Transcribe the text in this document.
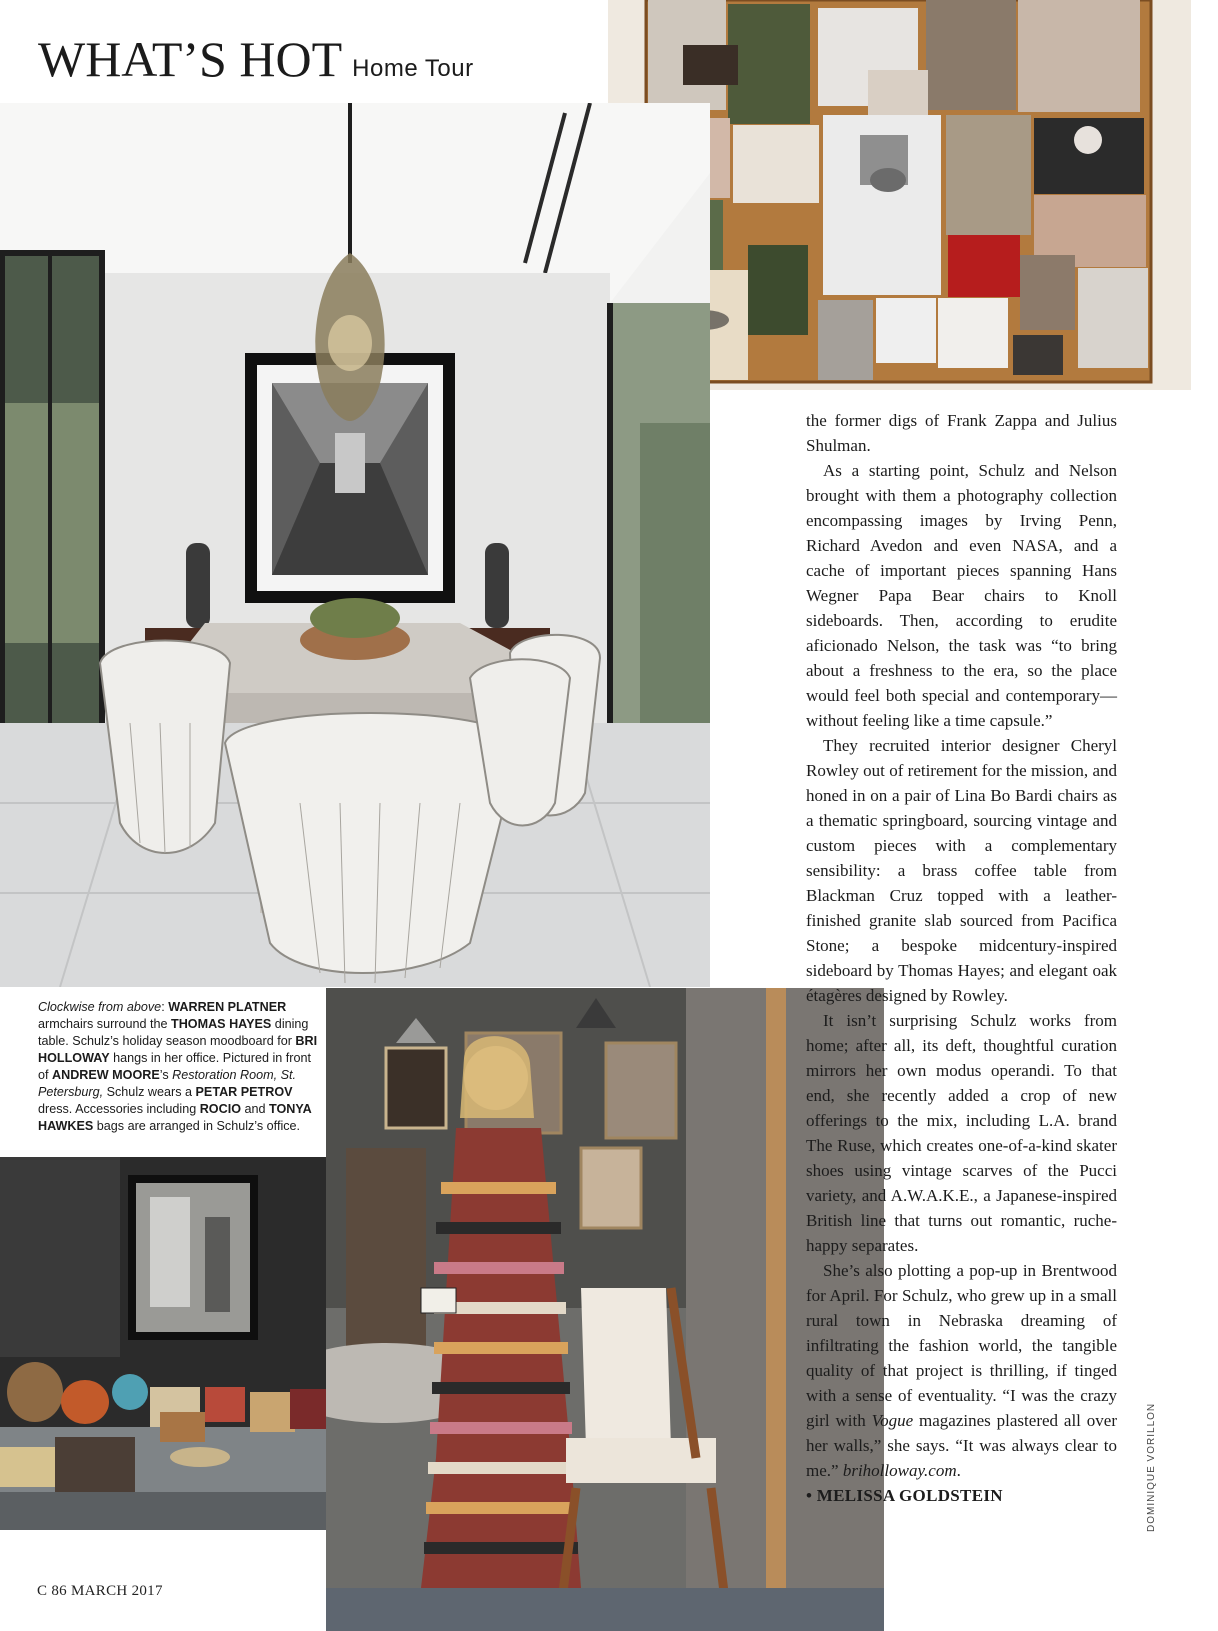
WHAT’S HOT Home Tour
Clockwise from above: WARREN PLATNER armchairs surround the THOMAS HAYES dining table. Schulz’s holiday season moodboard for BRI HOLLOWAY hangs in her office. Pictured in front of ANDREW MOORE’s Restoration Room, St. Petersburg, Schulz wears a PETAR PETROV dress. Accessories including ROCIO and TONYA HAWKES bags are arranged in Schulz’s office.

the former digs of Frank Zappa and Julius Shulman.

As a starting point, Schulz and Nelson brought with them a photography collection encompassing images by Irving Penn, Richard Avedon and even NASA, and a cache of important pieces spanning Hans Wegner Papa Bear chairs to Knoll sideboards. Then, according to erudite aficionado Nelson, the task was “to bring about a freshness to the era, so the place would feel both special and contemporary—without feeling like a time capsule.”

They recruited interior designer Cheryl Rowley out of retirement for the mission, and honed in on a pair of Lina Bo Bardi chairs as a thematic springboard, sourcing vintage and custom pieces with a complementary sensibility: a brass coffee table from Blackman Cruz topped with a leather-finished granite slab sourced from Pacifica Stone; a bespoke midcentury-inspired sideboard by Thomas Hayes; and elegant oak étagères designed by Rowley.

It isn’t surprising Schulz works from home; after all, its deft, thoughtful curation mirrors her own modus operandi. To that end, she recently added a crop of new offerings to the mix, including L.A. brand The Ruse, which creates one-of-a-kind skater shoes using vintage scarves of the Pucci variety, and A.W.A.K.E., a Japanese-inspired British line that turns out romantic, ruche-happy separates.

She’s also plotting a pop-up in Brentwood for April. For Schulz, who grew up in a small rural town in Nebraska dreaming of infiltrating the fashion world, the tangible quality of that project is thrilling, if tinged with a sense of eventuality. “I was the crazy girl with Vogue magazines plastered all over her walls,” she says. “It was always clear to me.” briholloway.com.

• MELISSA GOLDSTEIN	DOMINIQUE VORILLON
C 86 MARCH 2017
